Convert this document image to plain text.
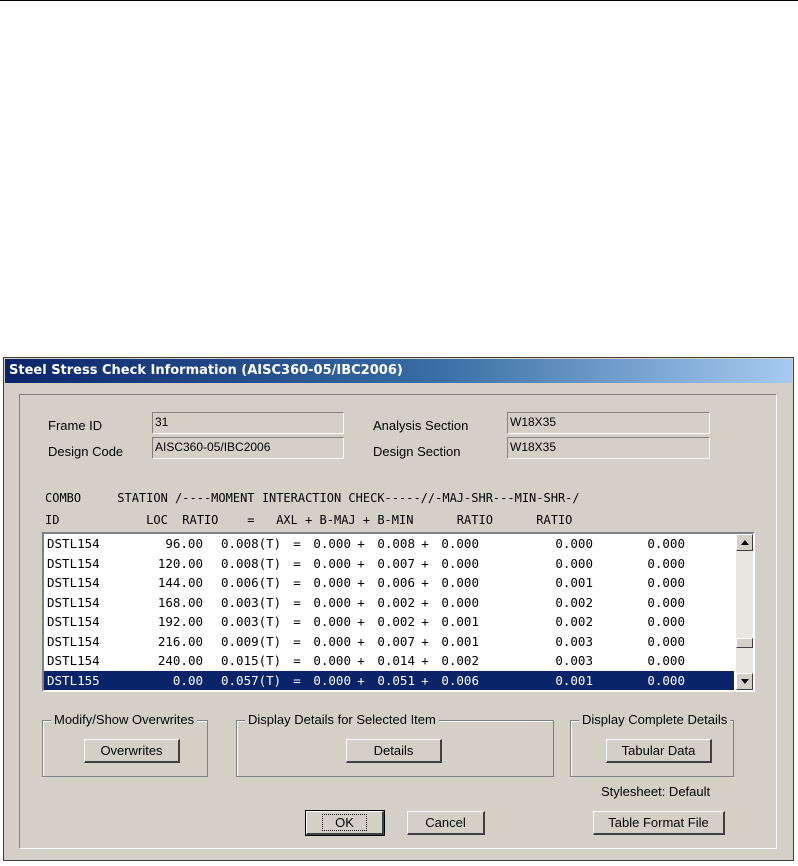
Steel Stress Check Information (AISC360-05/IBC2006)
Frame ID	31
Design Code	AISC360-05/IBC2006
Analysis Section	W18X35
Design Section	W18X35
COMBO     STATION /----MOMENT INTERACTION CHECK-----//-MAJ-SHR---MIN-SHR-/
ID            LOC  RATIO    =   AXL + B-MAJ + B-MIN      RATIO      RATIO
DSTL154	96.00 0.008(T) = 0.000 + 0.008 + 0.000	0.000	0.000
DSTL154	120.00 0.008(T) = 0.000 + 0.007 + 0.000	0.000	0.000
DSTL154	144.00 0.006(T) = 0.000 + 0.006 + 0.000	0.001	0.000
DSTL154	168.00 0.003(T) = 0.000 + 0.002 + 0.000	0.002	0.000
DSTL154	192.00 0.003(T) = 0.000 + 0.002 + 0.001	0.002	0.000
DSTL154	216.00 0.009(T) = 0.000 + 0.007 + 0.001	0.003	0.000
DSTL154	240.00 0.015(T) = 0.000 + 0.014 + 0.002	0.003	0.000
DSTL155	0.00 0.057(T) = 0.000 + 0.051 + 0.006	0.001	0.000
Modify/Show Overwrites
Overwrites
Display Details for Selected Item
Details
Display Complete Details
Tabular Data
Stylesheet: Default
OK	Cancel	Table Format File
